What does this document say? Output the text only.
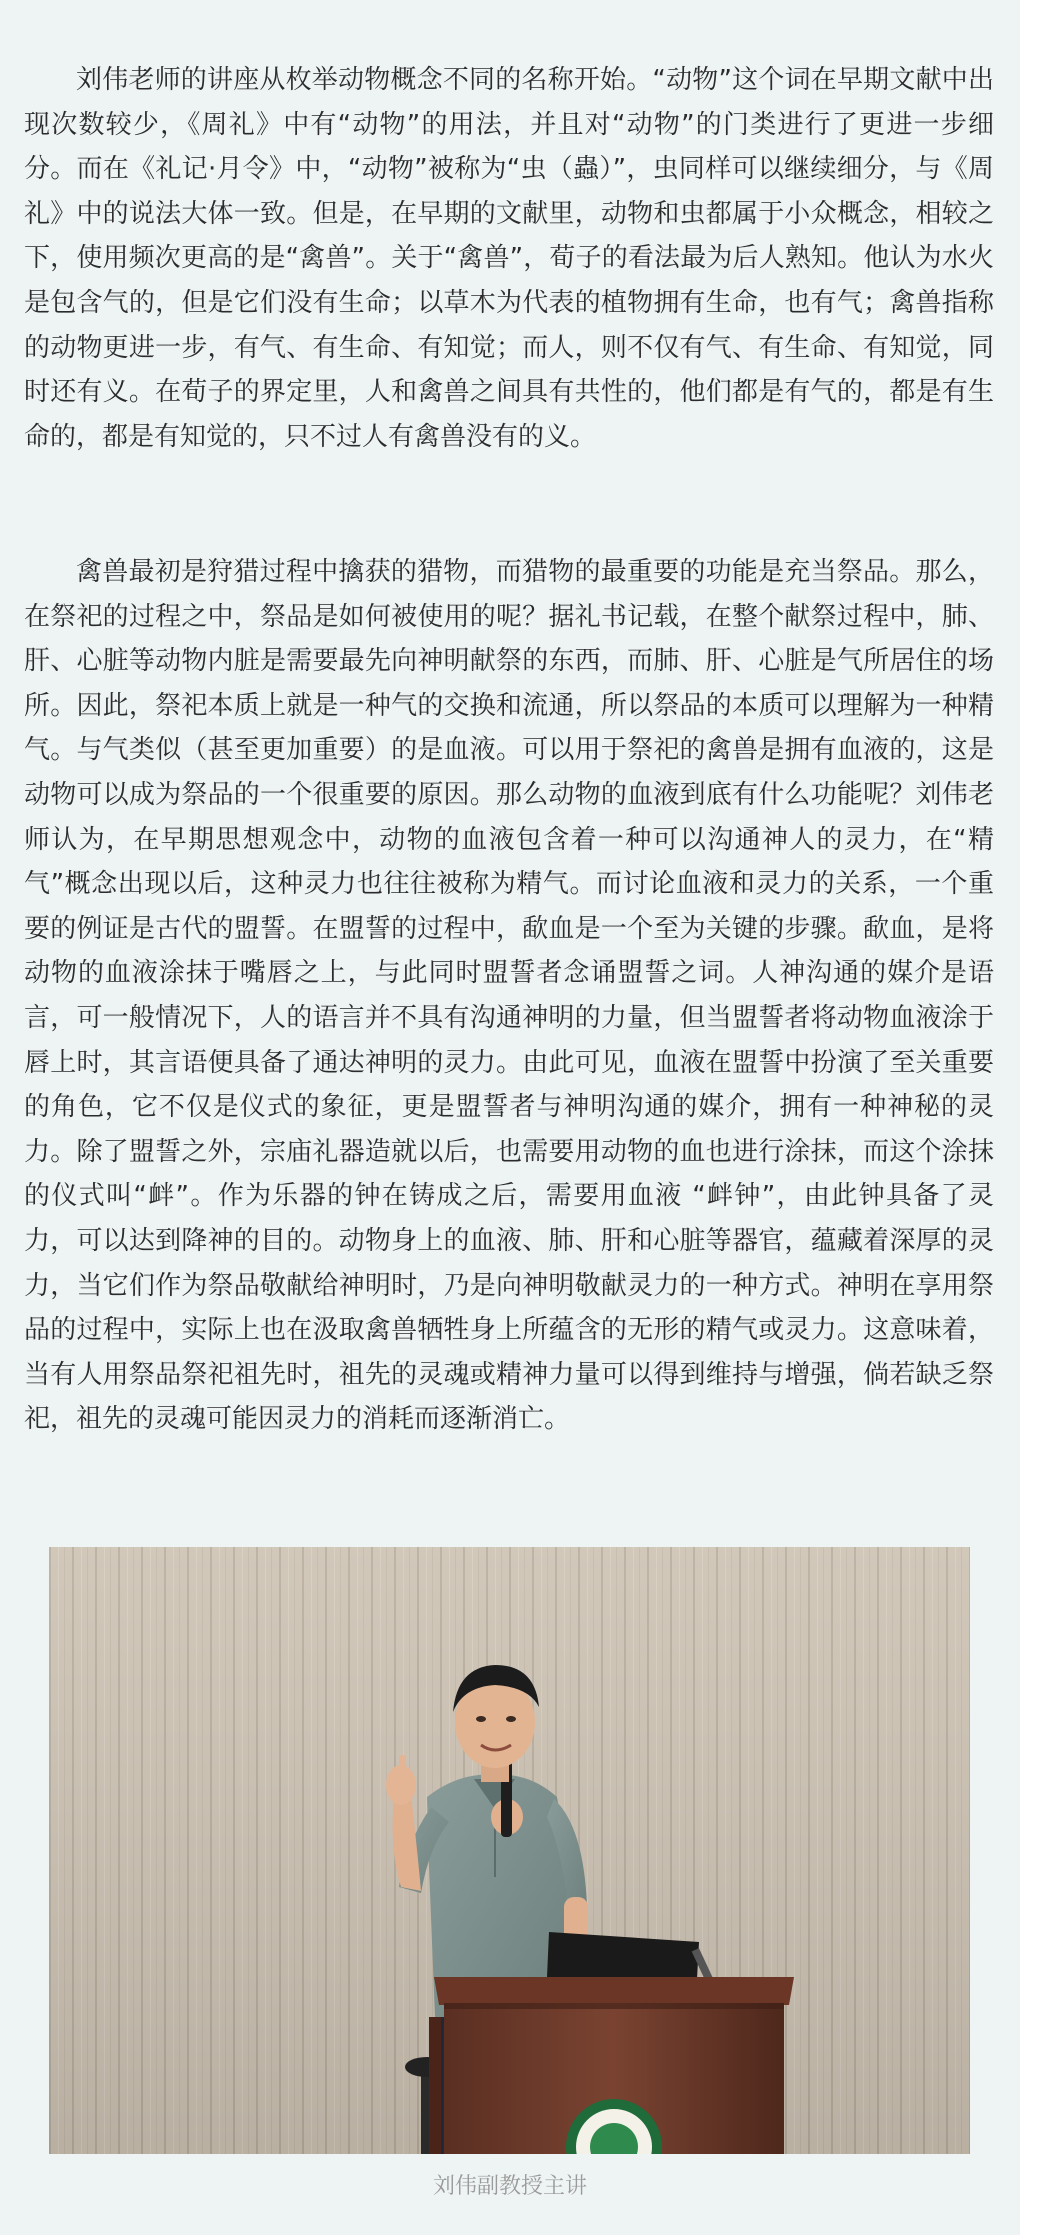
刘伟老师的讲座从枚举动物概念不同的名称开始。“动物”这个词在早期文献中出现次数较少，《周礼》中有“动物”的用法，并且对“动物”的门类进行了更进一步细分。而在《礼记·月令》中，“动物”被称为“虫（蟲）”，虫同样可以继续细分，与《周礼》中的说法大体一致。但是，在早期的文献里，动物和虫都属于小众概念，相较之下，使用频次更高的是“禽兽”。关于“禽兽”，荀子的看法最为后人熟知。他认为水火是包含气的，但是它们没有生命；以草木为代表的植物拥有生命，也有气；禽兽指称的动物更进一步，有气、有生命、有知觉；而人，则不仅有气、有生命、有知觉，同时还有义。在荀子的界定里，人和禽兽之间具有共性的，他们都是有气的，都是有生命的，都是有知觉的，只不过人有禽兽没有的义。

禽兽最初是狩猎过程中擒获的猎物，而猎物的最重要的功能是充当祭品。那么，在祭祀的过程之中，祭品是如何被使用的呢？据礼书记载，在整个献祭过程中，肺、肝、心脏等动物内脏是需要最先向神明献祭的东西，而肺、肝、心脏是气所居住的场所。因此，祭祀本质上就是一种气的交换和流通，所以祭品的本质可以理解为一种精气。与气类似（甚至更加重要）的是血液。可以用于祭祀的禽兽是拥有血液的，这是动物可以成为祭品的一个很重要的原因。那么动物的血液到底有什么功能呢？刘伟老师认为，在早期思想观念中，动物的血液包含着一种可以沟通神人的灵力，在“精气”概念出现以后，这种灵力也往往被称为精气。而讨论血液和灵力的关系，一个重要的例证是古代的盟誓。在盟誓的过程中，歃血是一个至为关键的步骤。歃血，是将动物的血液涂抹于嘴唇之上，与此同时盟誓者念诵盟誓之词。人神沟通的媒介是语言，可一般情况下，人的语言并不具有沟通神明的力量，但当盟誓者将动物血液涂于唇上时，其言语便具备了通达神明的灵力。由此可见，血液在盟誓中扮演了至关重要的角色，它不仅是仪式的象征，更是盟誓者与神明沟通的媒介，拥有一种神秘的灵力。除了盟誓之外，宗庙礼器造就以后，也需要用动物的血也进行涂抹，而这个涂抹的仪式叫“衅”。作为乐器的钟在铸成之后，需要用血液 “衅钟”，由此钟具备了灵力，可以达到降神的目的。动物身上的血液、肺、肝和心脏等器官，蕴藏着深厚的灵力，当它们作为祭品敬献给神明时，乃是向神明敬献灵力的一种方式。神明在享用祭品的过程中，实际上也在汲取禽兽牺牲身上所蕴含的无形的精气或灵力。这意味着，当有人用祭品祭祀祖先时，祖先的灵魂或精神力量可以得到维持与增强，倘若缺乏祭祀，祖先的灵魂可能因灵力的消耗而逐渐消亡。

刘伟副教授主讲
